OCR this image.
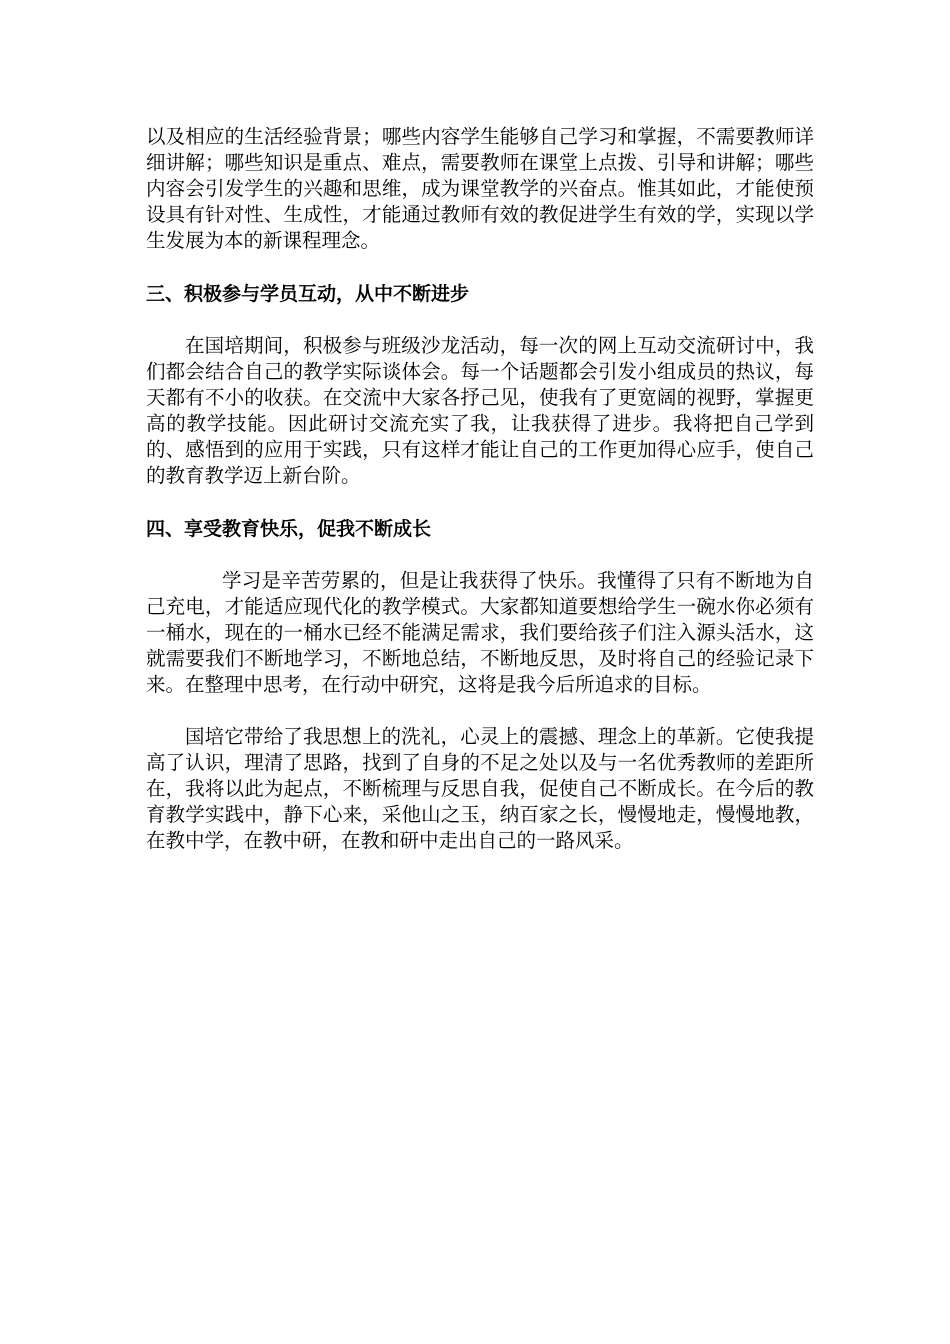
以及相应的生活经验背景；哪些内容学生能够自己学习和掌握，不需要教师详细讲解；哪些知识是重点、难点，需要教师在课堂上点拨、引导和讲解；哪些内容会引发学生的兴趣和思维，成为课堂教学的兴奋点。惟其如此，才能使预设具有针对性、生成性，才能通过教师有效的教促进学生有效的学，实现以学生发展为本的新课程理念。

三、积极参与学员互动，从中不断进步

在国培期间，积极参与班级沙龙活动，每一次的网上互动交流研讨中，我们都会结合自己的教学实际谈体会。每一个话题都会引发小组成员的热议，每天都有不小的收获。在交流中大家各抒己见，使我有了更宽阔的视野，掌握更高的教学技能。因此研讨交流充实了我，让我获得了进步。我将把自己学到的、感悟到的应用于实践，只有这样才能让自己的工作更加得心应手，使自己的教育教学迈上新台阶。

四、享受教育快乐，促我不断成长

学习是辛苦劳累的，但是让我获得了快乐。我懂得了只有不断地为自己充电，才能适应现代化的教学模式。大家都知道要想给学生一碗水你必须有一桶水，现在的一桶水已经不能满足需求，我们要给孩子们注入源头活水，这就需要我们不断地学习，不断地总结，不断地反思，及时将自己的经验记录下来。在整理中思考，在行动中研究，这将是我今后所追求的目标。

国培它带给了我思想上的洗礼，心灵上的震撼、理念上的革新。它使我提高了认识，理清了思路，找到了自身的不足之处以及与一名优秀教师的差距所在，我将以此为起点，不断梳理与反思自我，促使自己不断成长。在今后的教育教学实践中，静下心来，采他山之玉，纳百家之长，慢慢地走，慢慢地教，在教中学，在教中研，在教和研中走出自己的一路风采。
